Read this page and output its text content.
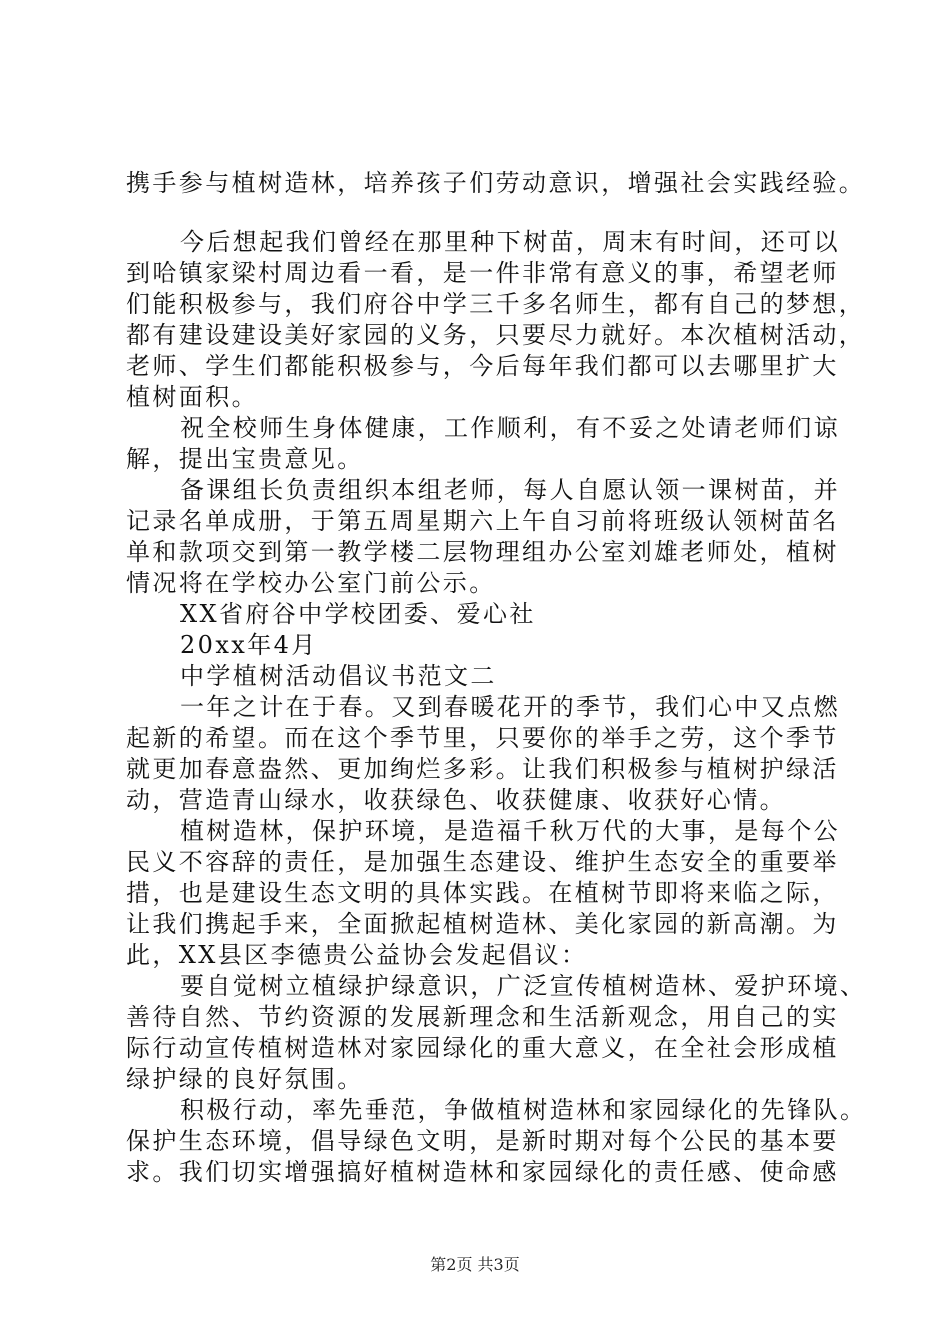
携手参与植树造林，培养孩子们劳动意识，增强社会实践经验。
今后想起我们曾经在那里种下树苗，周末有时间，还可以
到哈镇家梁村周边看一看，是一件非常有意义的事，希望老师
们能积极参与，我们府谷中学三千多名师生，都有自己的梦想，
都有建设建设美好家园的义务，只要尽力就好。本次植树活动，
老师、学生们都能积极参与，今后每年我们都可以去哪里扩大
植树面积。
祝全校师生身体健康，工作顺利，有不妥之处请老师们谅
解，提出宝贵意见。
备课组长负责组织本组老师，每人自愿认领一课树苗，并
记录名单成册，于第五周星期六上午自习前将班级认领树苗名
单和款项交到第一教学楼二层物理组办公室刘雄老师处，植树
情况将在学校办公室门前公示。
XX省府谷中学校团委、爱心社
20xx年4月
中学植树活动倡议书范文二
一年之计在于春。又到春暖花开的季节，我们心中又点燃
起新的希望。而在这个季节里，只要你的举手之劳，这个季节
就更加春意盎然、更加绚烂多彩。让我们积极参与植树护绿活
动，营造青山绿水，收获绿色、收获健康、收获好心情。
植树造林，保护环境，是造福千秋万代的大事，是每个公
民义不容辞的责任，是加强生态建设、维护生态安全的重要举
措，也是建设生态文明的具体实践。在植树节即将来临之际，
让我们携起手来，全面掀起植树造林、美化家园的新高潮。为
此，XX县区李德贵公益协会发起倡议：
要自觉树立植绿护绿意识，广泛宣传植树造林、爱护环境、
善待自然、节约资源的发展新理念和生活新观念，用自己的实
际行动宣传植树造林对家园绿化的重大意义，在全社会形成植
绿护绿的良好氛围。
积极行动，率先垂范，争做植树造林和家园绿化的先锋队。
保护生态环境，倡导绿色文明，是新时期对每个公民的基本要
求。我们切实增强搞好植树造林和家园绿化的责任感、使命感
第2页 共3页
